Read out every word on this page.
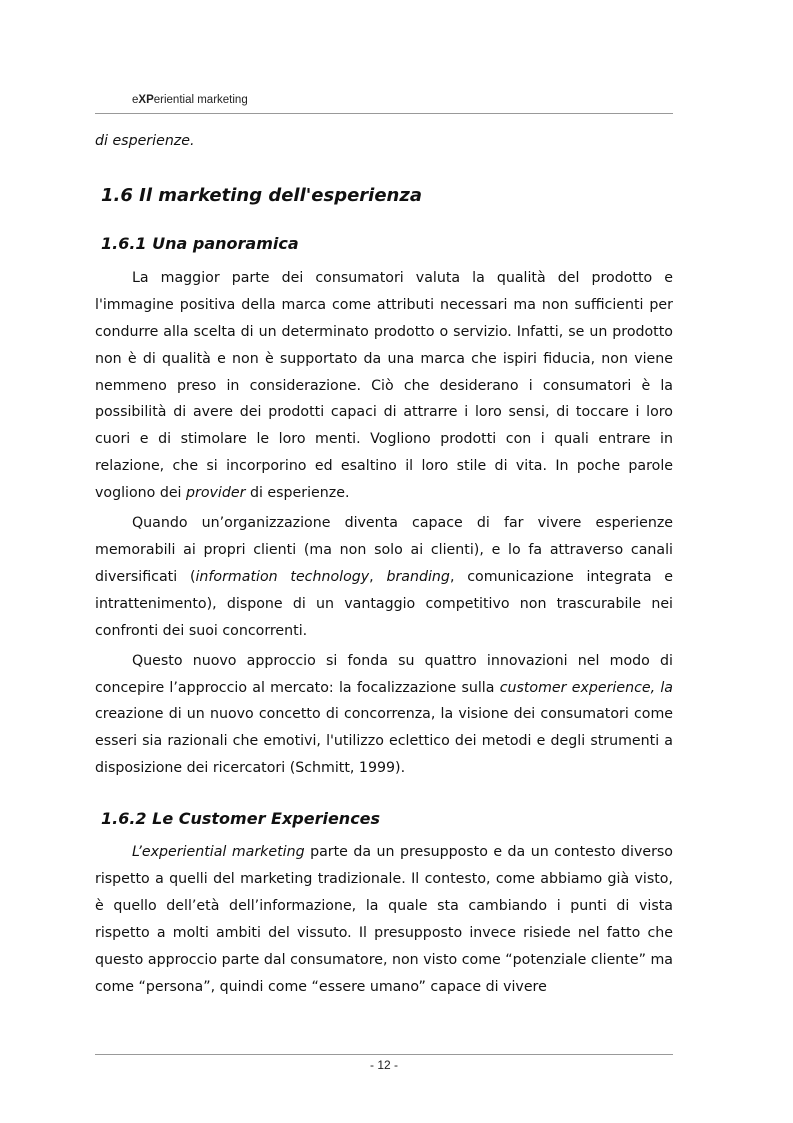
eXPeriential marketing

di esperienze.

1.6 Il marketing dell'esperienza
1.6.1 Una panoramica

La maggior parte dei consumatori valuta la qualità del prodotto e l'immagine positiva della marca come attributi necessari ma non sufficienti per condurre alla scelta di un determinato prodotto o servizio. Infatti, se un prodotto non è di qualità e non è supportato da una marca che ispiri fiducia, non viene nemmeno preso in considerazione. Ciò che desiderano i consumatori è la possibilità di avere dei prodotti capaci di attrarre i loro sensi, di toccare i loro cuori e di stimolare le loro menti. Vogliono prodotti con i quali entrare in relazione, che si incorporino ed esaltino il loro stile di vita. In poche parole vogliono dei provider di esperienze.

Quando un’organizzazione diventa capace di far vivere esperienze memorabili ai propri clienti (ma non solo ai clienti), e lo fa attraverso canali diversificati (information technology, branding, comunicazione integrata e intrattenimento), dispone di un vantaggio competitivo non trascurabile nei confronti dei suoi concorrenti.

Questo nuovo approccio si fonda su quattro innovazioni nel modo di concepire l’approccio al mercato: la focalizzazione sulla customer experience, la creazione di un nuovo concetto di concorrenza, la visione dei consumatori come esseri sia razionali che emotivi, l'utilizzo eclettico dei metodi e degli strumenti a disposizione dei ricercatori (Schmitt, 1999).

1.6.2 Le Customer Experiences

L’experiential marketing parte da un presupposto e da un contesto diverso rispetto a quelli del marketing tradizionale. Il contesto, come abbiamo già visto, è quello dell’età dell’informazione, la quale sta cambiando i punti di vista rispetto a molti ambiti del vissuto. Il presupposto invece risiede nel fatto che questo approccio parte dal consumatore, non visto come “potenziale cliente” ma come “persona”, quindi come “essere umano” capace di vivere

- 12 -
